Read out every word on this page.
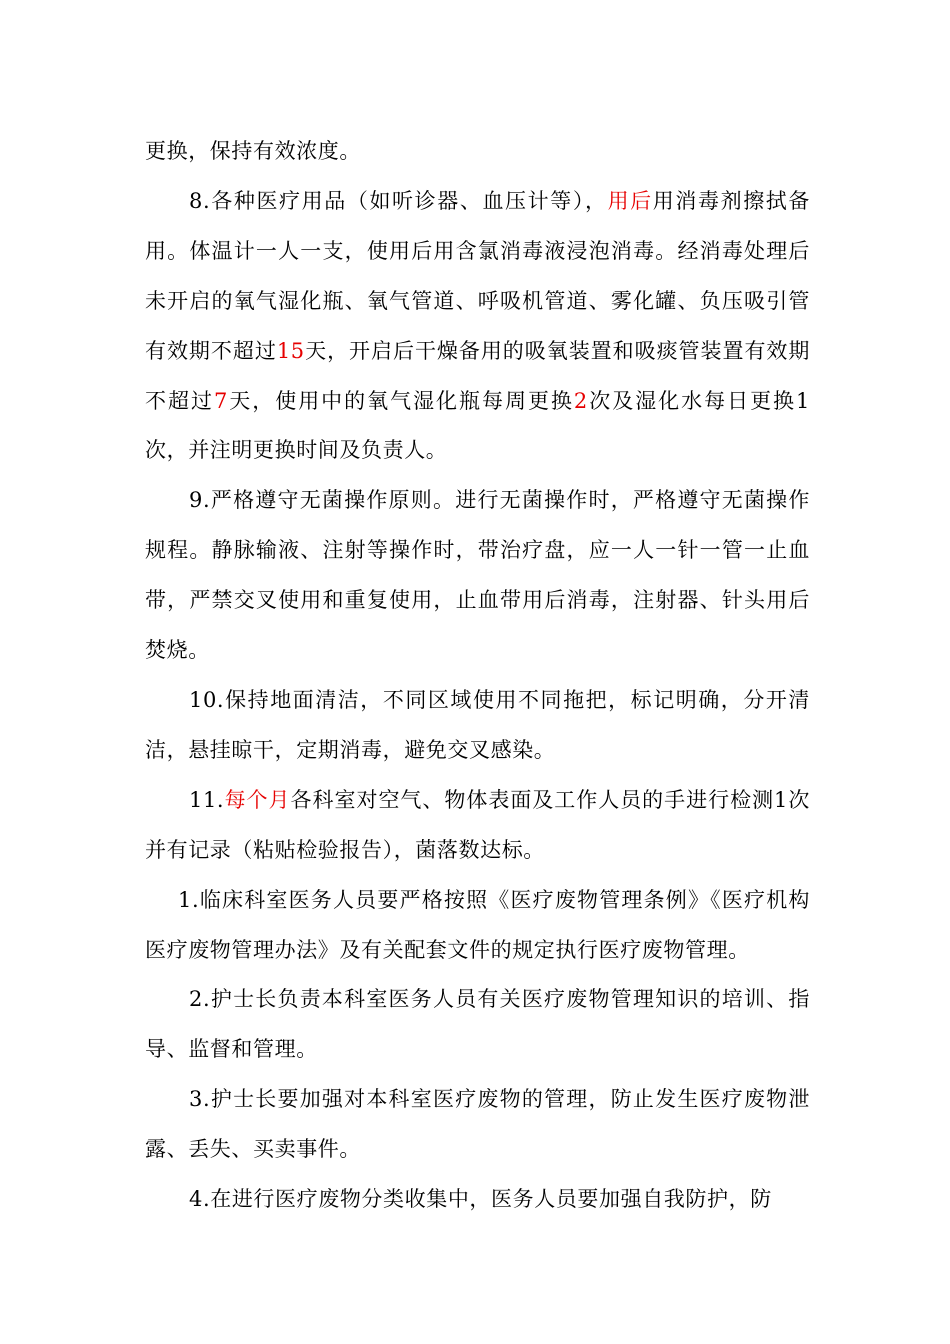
更换，保持有效浓度。

8.各种医疗用品（如听诊器、血压计等），用后用消毒剂擦拭备用。体温计一人一支，使用后用含氯消毒液浸泡消毒。经消毒处理后未开启的氧气湿化瓶、氧气管道、呼吸机管道、雾化罐、负压吸引管有效期不超过15天，开启后干燥备用的吸氧装置和吸痰管装置有效期不超过7天，使用中的氧气湿化瓶每周更换2次及湿化水每日更换1次，并注明更换时间及负责人。

9.严格遵守无菌操作原则。进行无菌操作时，严格遵守无菌操作规程。静脉输液、注射等操作时，带治疗盘，应一人一针一管一止血带，严禁交叉使用和重复使用，止血带用后消毒，注射器、针头用后焚烧。

10.保持地面清洁，不同区域使用不同拖把，标记明确，分开清洁，悬挂晾干，定期消毒，避免交叉感染。

11.每个月各科室对空气、物体表面及工作人员的手进行检测1次并有记录（粘贴检验报告），菌落数达标。

1.临床科室医务人员要严格按照《医疗废物管理条例》《医疗机构医疗废物管理办法》及有关配套文件的规定执行医疗废物管理。

2.护士长负责本科室医务人员有关医疗废物管理知识的培训、指导、监督和管理。

3.护士长要加强对本科室医疗废物的管理，防止发生医疗废物泄露、丢失、买卖事件。

4.在进行医疗废物分类收集中，医务人员要加强自我防护，防
